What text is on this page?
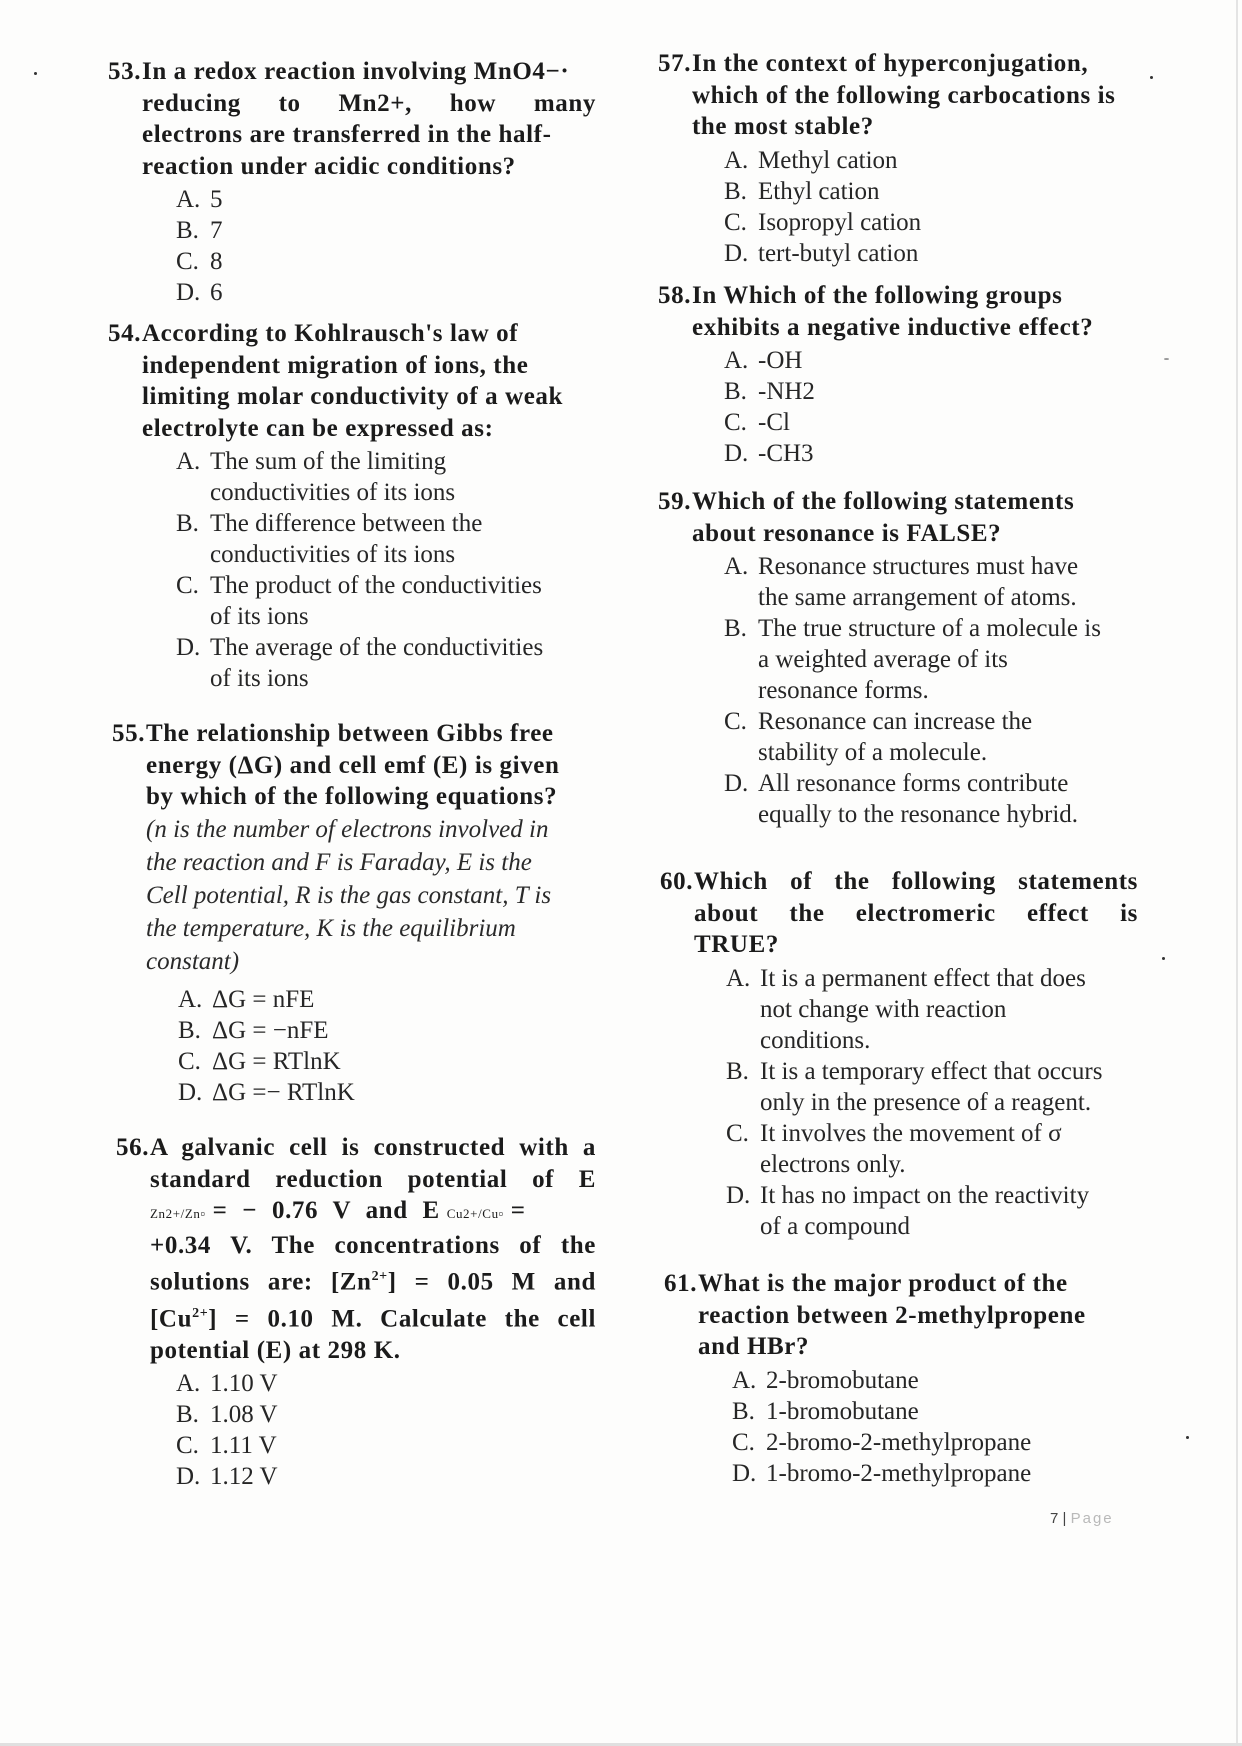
53. In a redox reaction involving MnO4−·
reducing to Mn2+, how many
electrons are transferred in the half-
reaction under acidic conditions?
A. 5
B. 7
C. 8
D. 6
54. According to Kohlrausch's law of
independent migration of ions, the
limiting molar conductivity of a weak
electrolyte can be expressed as:
A. The sum of the limiting
conductivities of its ions
B. The difference between the
conductivities of its ions
C. The product of the conductivities
of its ions
D. The average of the conductivities
of its ions
55. The relationship between Gibbs free
energy (ΔG) and cell emf (E) is given
by which of the following equations?
(n is the number of electrons involved in
the reaction and F is Faraday, E is the
Cell potential, R is the gas constant, T is
the temperature, K is the equilibrium
constant)
A. ΔG = nFE
B. ΔG = −nFE
C. ΔG = RTlnK
D. ΔG =− RTlnK
56. A galvanic cell is constructed with a
standard reduction potential of E
Zn2+/Zn▫ = − 0.76 V and E Cu2+/Cu▫ =
+0.34 V. The concentrations of the
solutions are: $[Zn^{2+}] = 0.05$ M and
$[Cu^{2+}] = 0.10$ M. Calculate the cell
potential (E) at 298 K.
A. 1.10 V
B. 1.08 V
C. 1.11 V
D. 1.12 V
57. In the context of hyperconjugation,
which of the following carbocations is
the most stable?
A. Methyl cation
B. Ethyl cation
C. Isopropyl cation
D. tert-butyl cation
58. In Which of the following groups
exhibits a negative inductive effect?
A. -OH
B. -NH2
C. -Cl
D. -CH3
59. Which of the following statements
about resonance is FALSE?
A. Resonance structures must have
the same arrangement of atoms.
B. The true structure of a molecule is
a weighted average of its
resonance forms.
C. Resonance can increase the
stability of a molecule.
D. All resonance forms contribute
equally to the resonance hybrid.
60. Which of the following statements
about the electromeric effect is
TRUE?
A. It is a permanent effect that does
not change with reaction
conditions.
B. It is a temporary effect that occurs
only in the presence of a reagent.
C. It involves the movement of σ
electrons only.
D. It has no impact on the reactivity
of a compound
61. What is the major product of the
reaction between 2-methylpropene
and HBr?
A. 2-bromobutane
B. 1-bromobutane
C. 2-bromo-2-methylpropane
D. 1-bromo-2-methylpropane
7 | Page
